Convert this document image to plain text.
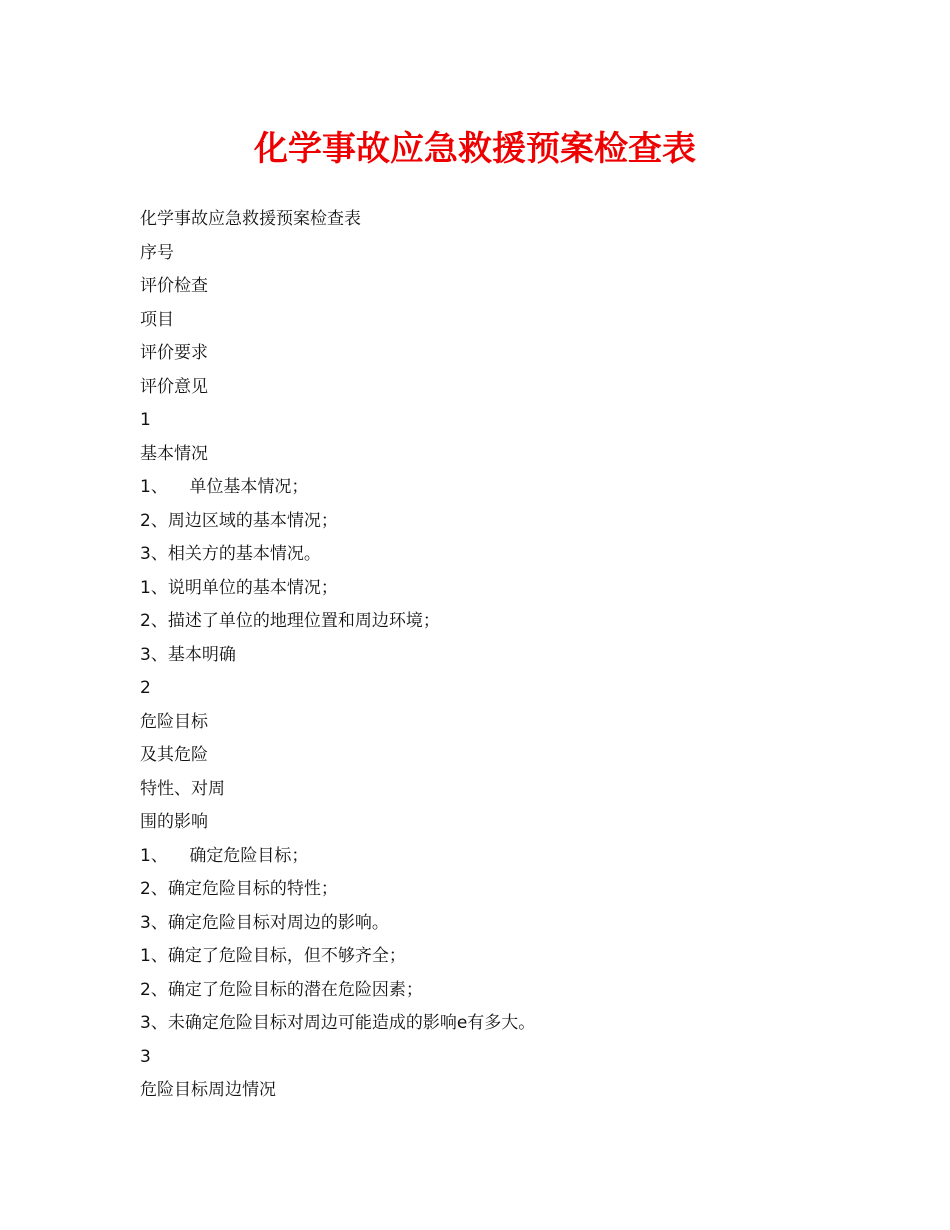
化学事故应急救援预案检查表
化学事故应急救援预案检查表
序号
评价检查
项目
评价要求
评价意见
1
基本情况
1、    单位基本情况；
2、周边区域的基本情况；
3、相关方的基本情况。
1、说明单位的基本情况；
2、描述了单位的地理位置和周边环境；
3、基本明确
2
危险目标
及其危险
特性、对周
围的影响
1、    确定危险目标；
2、确定危险目标的特性；
3、确定危险目标对周边的影响。
1、确定了危险目标，但不够齐全；
2、确定了危险目标的潜在危险因素；
3、未确定危险目标对周边可能造成的影响e有多大。
3
危险目标周边情况
